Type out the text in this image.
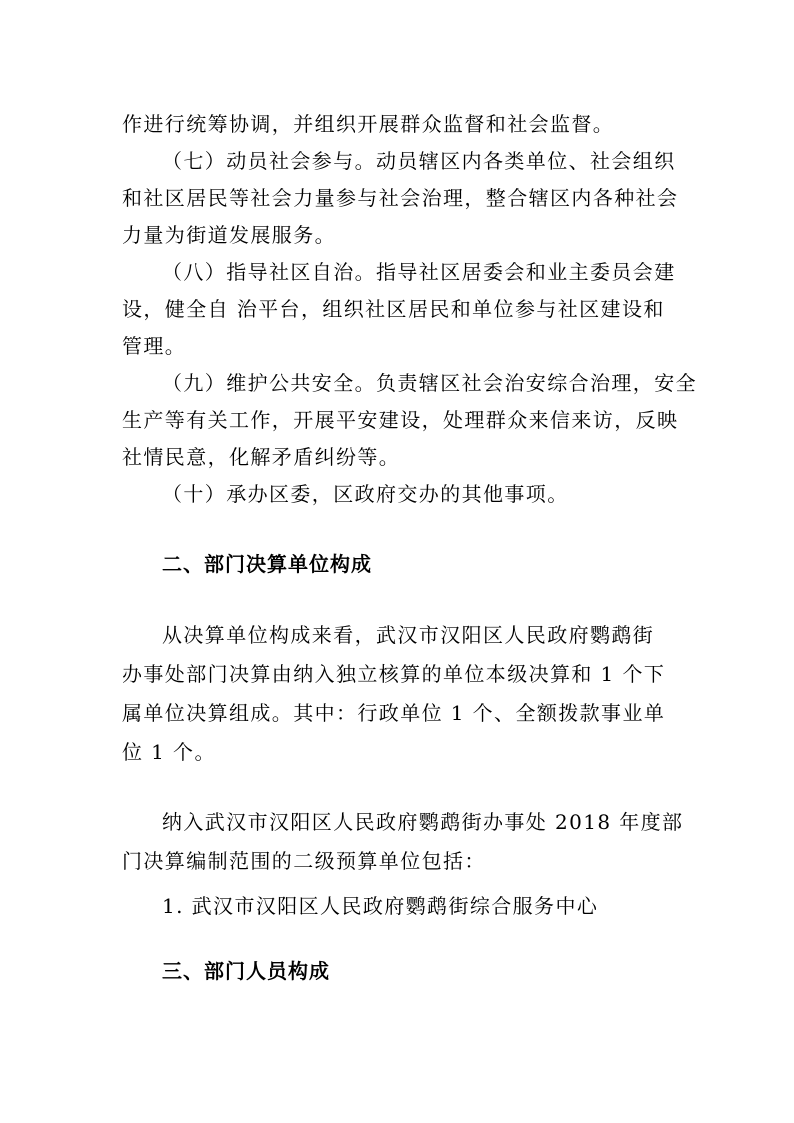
作进行统筹协调，并组织开展群众监督和社会监督。
（七）动员社会参与。动员辖区内各类单位、社会组织
和社区居民等社会力量参与社会治理，整合辖区内各种社会
力量为街道发展服务。
（八）指导社区自治。指导社区居委会和业主委员会建
设，健全自 治平台，组织社区居民和单位参与社区建设和
管理。
（九）维护公共安全。负责辖区社会治安综合治理，安全
生产等有关工作，开展平安建设，处理群众来信来访，反映
社情民意，化解矛盾纠纷等。
（十）承办区委，区政府交办的其他事项。
二、部门决算单位构成
从决算单位构成来看，武汉市汉阳区人民政府鹦鹉街
办事处部门决算由纳入独立核算的单位本级决算和 1 个下
属单位决算组成。其中：行政单位 1 个、全额拨款事业单
位 1 个。
纳入武汉市汉阳区人民政府鹦鹉街办事处 2018 年度部
门决算编制范围的二级预算单位包括：
1. 武汉市汉阳区人民政府鹦鹉街综合服务中心
三、部门人员构成
